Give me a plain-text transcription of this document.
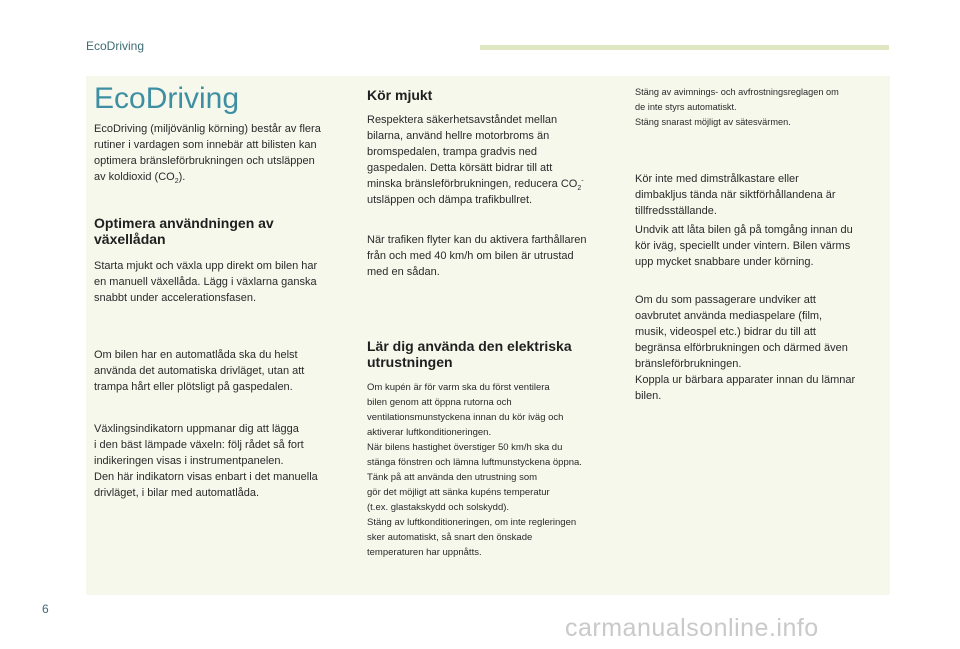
EcoDriving
EcoDriving
EcoDriving (miljövänlig körning) består av flera
rutiner i vardagen som innebär att bilisten kan
optimera bränsleförbrukningen och utsläppen
av koldioxid $(CO_2)$.
Optimera användningen av växellådan
Starta mjukt och växla upp direkt om bilen har
en manuell växellåda. Lägg i växlarna ganska
snabbt under accelerationsfasen.
Om bilen har en automatlåda ska du helst
använda det automatiska drivläget, utan att
trampa hårt eller plötsligt på gaspedalen.
Växlingsindikatorn uppmanar dig att lägga
i den bäst lämpade växeln: följ rådet så fort
indikeringen visas i instrumentpanelen.
Den här indikatorn visas enbart i det manuella
drivläget, i bilar med automatlåda.
Kör mjukt
Respektera säkerhetsavståndet mellan
bilarna, använd hellre motorbroms än
bromspedalen, trampa gradvis ned
gaspedalen. Detta körsätt bidrar till att
minska bränsleförbrukningen, reducera $CO_2^-$
utsläppen och dämpa trafikbullret.
När trafiken flyter kan du aktivera farthållaren
från och med 40 km/h om bilen är utrustad
med en sådan.
Lär dig använda den elektriska utrustningen
Om kupén är för varm ska du först ventilera
bilen genom att öppna rutorna och
ventilationsmunstyckena innan du kör iväg och
aktiverar luftkonditioneringen.
När bilens hastighet överstiger 50 km/h ska du
stänga fönstren och lämna luftmunstyckena öppna.
Tänk på att använda den utrustning som
gör det möjligt att sänka kupéns temperatur
(t.ex. glastakskydd och solskydd).
Stäng av luftkonditioneringen, om inte regleringen
sker automatiskt, så snart den önskade
temperaturen har uppnåtts.
Stäng av avimnings- och avfrostningsreglagen om
de inte styrs automatiskt.
Stäng snarast möjligt av sätesvärmen.
Kör inte med dimstrålkastare eller
dimbakljus tända när siktförhållandena är
tillfredsställande.
Undvik att låta bilen gå på tomgång innan du
kör iväg, speciellt under vintern. Bilen värms
upp mycket snabbare under körning.
Om du som passagerare undviker att
oavbrutet använda mediaspelare (film,
musik, videospel etc.) bidrar du till att
begränsa elförbrukningen och därmed även
bränsleförbrukningen.
Koppla ur bärbara apparater innan du lämnar
bilen.
6
carmanualsonline.info
